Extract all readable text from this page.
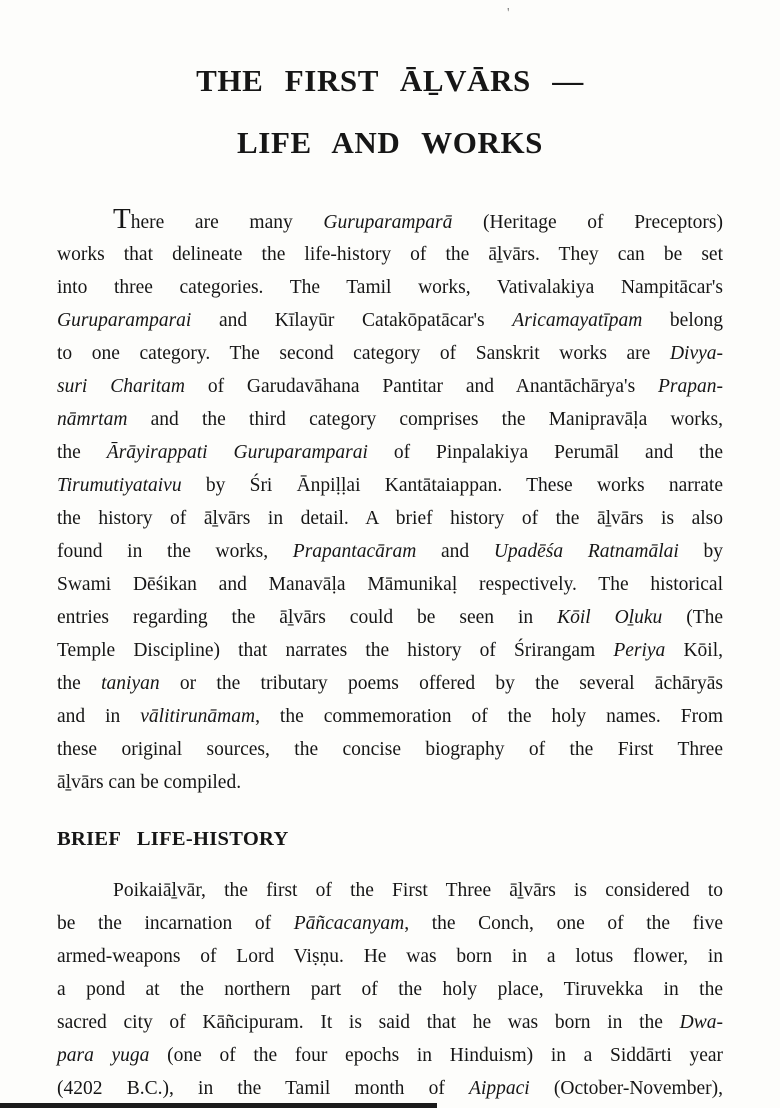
'
THE FIRST ĀḺVĀRS —
LIFE AND WORKS
There are many Guruparamparā (Heritage of Preceptors)
works that delineate the life-history of the āḻvārs. They can be set
into three categories. The Tamil works, Vativalakiya Nampitācar's
Guruparamparai and Kīlayūr Catakōpatācar's Aricamayatīpam belong
to one category. The second category of Sanskrit works are Divya-
suri Charitam of Garudavāhana Pantitar and Anantāchārya's Prapan-
nāmrtam and the third category comprises the Manipravāḷa works,
the Ārāyirappati Guruparamparai of Pinpalakiya Perumāl and the
Tirumutiyataivu by Śri Ānpiḷḷai Kantātaiappan. These works narrate
the history of āḻvārs in detail. A brief history of the āḻvārs is also
found in the works, Prapantacāram and Upadēśa Ratnamālai by
Swami Dēśikan and Manavāḷa Māmunikaḷ respectively. The historical
entries regarding the āḻvārs could be seen in Kōil Oḻuku (The
Temple Discipline) that narrates the history of Śrirangam Periya Kōil,
the taniyan or the tributary poems offered by the several āchāryās
and in vālitirunāmam, the commemoration of the holy names. From
these original sources, the concise biography of the First Three
āḻvārs can be compiled.
BRIEF LIFE-HISTORY
Poikaiāḻvār, the first of the First Three āḻvārs is considered to
be the incarnation of Pāñcacanyam, the Conch, one of the five
armed-weapons of Lord Viṣṇu. He was born in a lotus flower, in
a pond at the northern part of the holy place, Tiruvekka in the
sacred city of Kāñcipuram. It is said that he was born in the Dwa-
para yuga (one of the four epochs in Hinduism) in a Siddārti year
(4202 B.C.), in the Tamil month of Aippaci (October-November),
